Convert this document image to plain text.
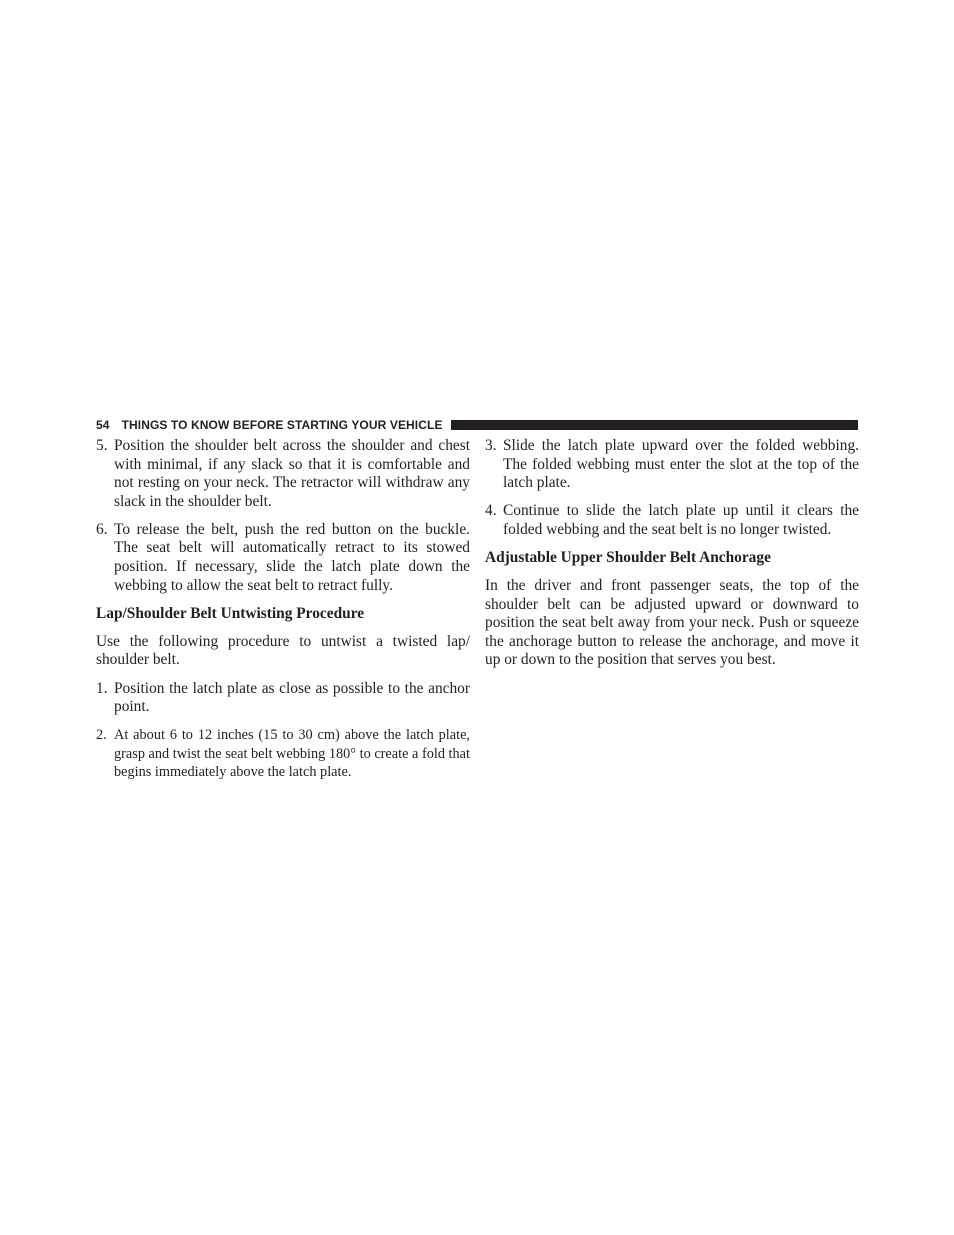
54 THINGS TO KNOW BEFORE STARTING YOUR VEHICLE
5. Position the shoulder belt across the shoulder and chest with minimal, if any slack so that it is comfortable and not resting on your neck. The retractor will withdraw any slack in the shoulder belt.
6. To release the belt, push the red button on the buckle. The seat belt will automatically retract to its stowed position. If necessary, slide the latch plate down the webbing to allow the seat belt to retract fully.
Lap/Shoulder Belt Untwisting Procedure
Use the following procedure to untwist a twisted lap/ shoulder belt.
1. Position the latch plate as close as possible to the anchor point.
2. At about 6 to 12 inches (15 to 30 cm) above the latch plate, grasp and twist the seat belt webbing 180° to create a fold that begins immediately above the latch plate.
3. Slide the latch plate upward over the folded webbing. The folded webbing must enter the slot at the top of the latch plate.
4. Continue to slide the latch plate up until it clears the folded webbing and the seat belt is no longer twisted.
Adjustable Upper Shoulder Belt Anchorage
In the driver and front passenger seats, the top of the shoulder belt can be adjusted upward or downward to position the seat belt away from your neck. Push or squeeze the anchorage button to release the anchorage, and move it up or down to the position that serves you best.
